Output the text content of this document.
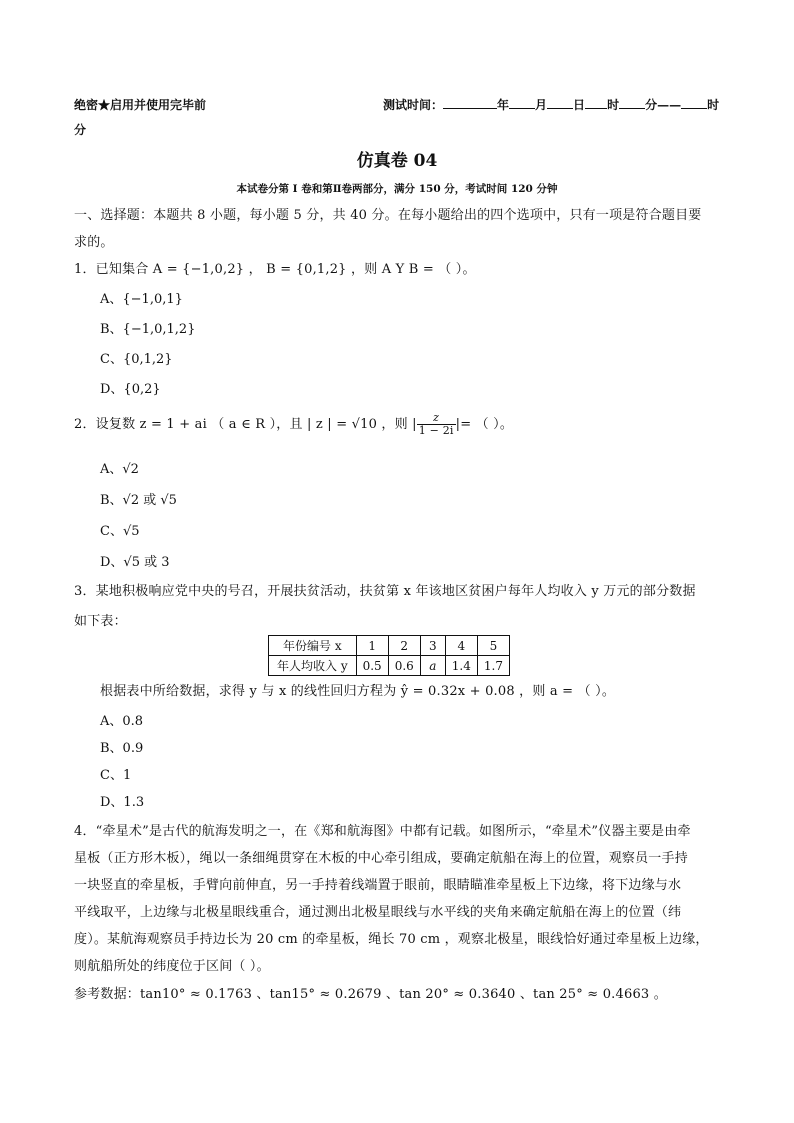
绝密★启用并使用完毕前
分
测试时间：	年 月 日 时 分—— 时
仿真卷 04
本试卷分第 I 卷和第Ⅱ卷两部分，满分 150 分，考试时间 120 分钟
一、选择题：本题共 8 小题，每小题 5 分，共 40 分。在每小题给出的四个选项中，只有一项是符合题目要
求的。
1．已知集合 A = {−1,0,2} ， B = {0,1,2} ，则 A Y B = （ ）。
A、{−1,0,1}
B、{−1,0,1,2}
C、{0,1,2}
D、{0,2}
2．设复数 z = 1 + ai （ a ∈ R ），且 | z | = √10 ，则 | $\frac{z}{1 - 2i}$ |= （ ）。
A、√2
B、√2 或 √5
C、√5
D、√5 或 3
3．某地积极响应党中央的号召，开展扶贫活动，扶贫第 x 年该地区贫困户每年人均收入 y 万元的部分数据
如下表：
年份编号 x	1	2	3	4	5
年人均收入 y	0.5	0.6	a	1.4	1.7
根据表中所给数据，求得 y 与 x 的线性回归方程为 ŷ = 0.32x + 0.08 ，则 a = （ ）。
A、0.8
B、0.9
C、1
D、1.3
4．“牵星术”是古代的航海发明之一，在《郑和航海图》中都有记载。如图所示，“牵星术”仪器主要是由牵
星板（正方形木板），绳以一条细绳贯穿在木板的中心牵引组成，要确定航船在海上的位置，观察员一手持
一块竖直的牵星板，手臂向前伸直，另一手持着线端置于眼前，眼睛瞄准牵星板上下边缘，将下边缘与水
平线取平，上边缘与北极星眼线重合，通过测出北极星眼线与水平线的夹角来确定航船在海上的位置（纬
度）。某航海观察员手持边长为 20 cm 的牵星板，绳长 70 cm ，观察北极星，眼线恰好通过牵星板上边缘，
则航船所处的纬度位于区间（ ）。
参考数据：tan10° ≈ 0.1763 、tan15° ≈ 0.2679 、tan 20° ≈ 0.3640 、tan 25° ≈ 0.4663 。
